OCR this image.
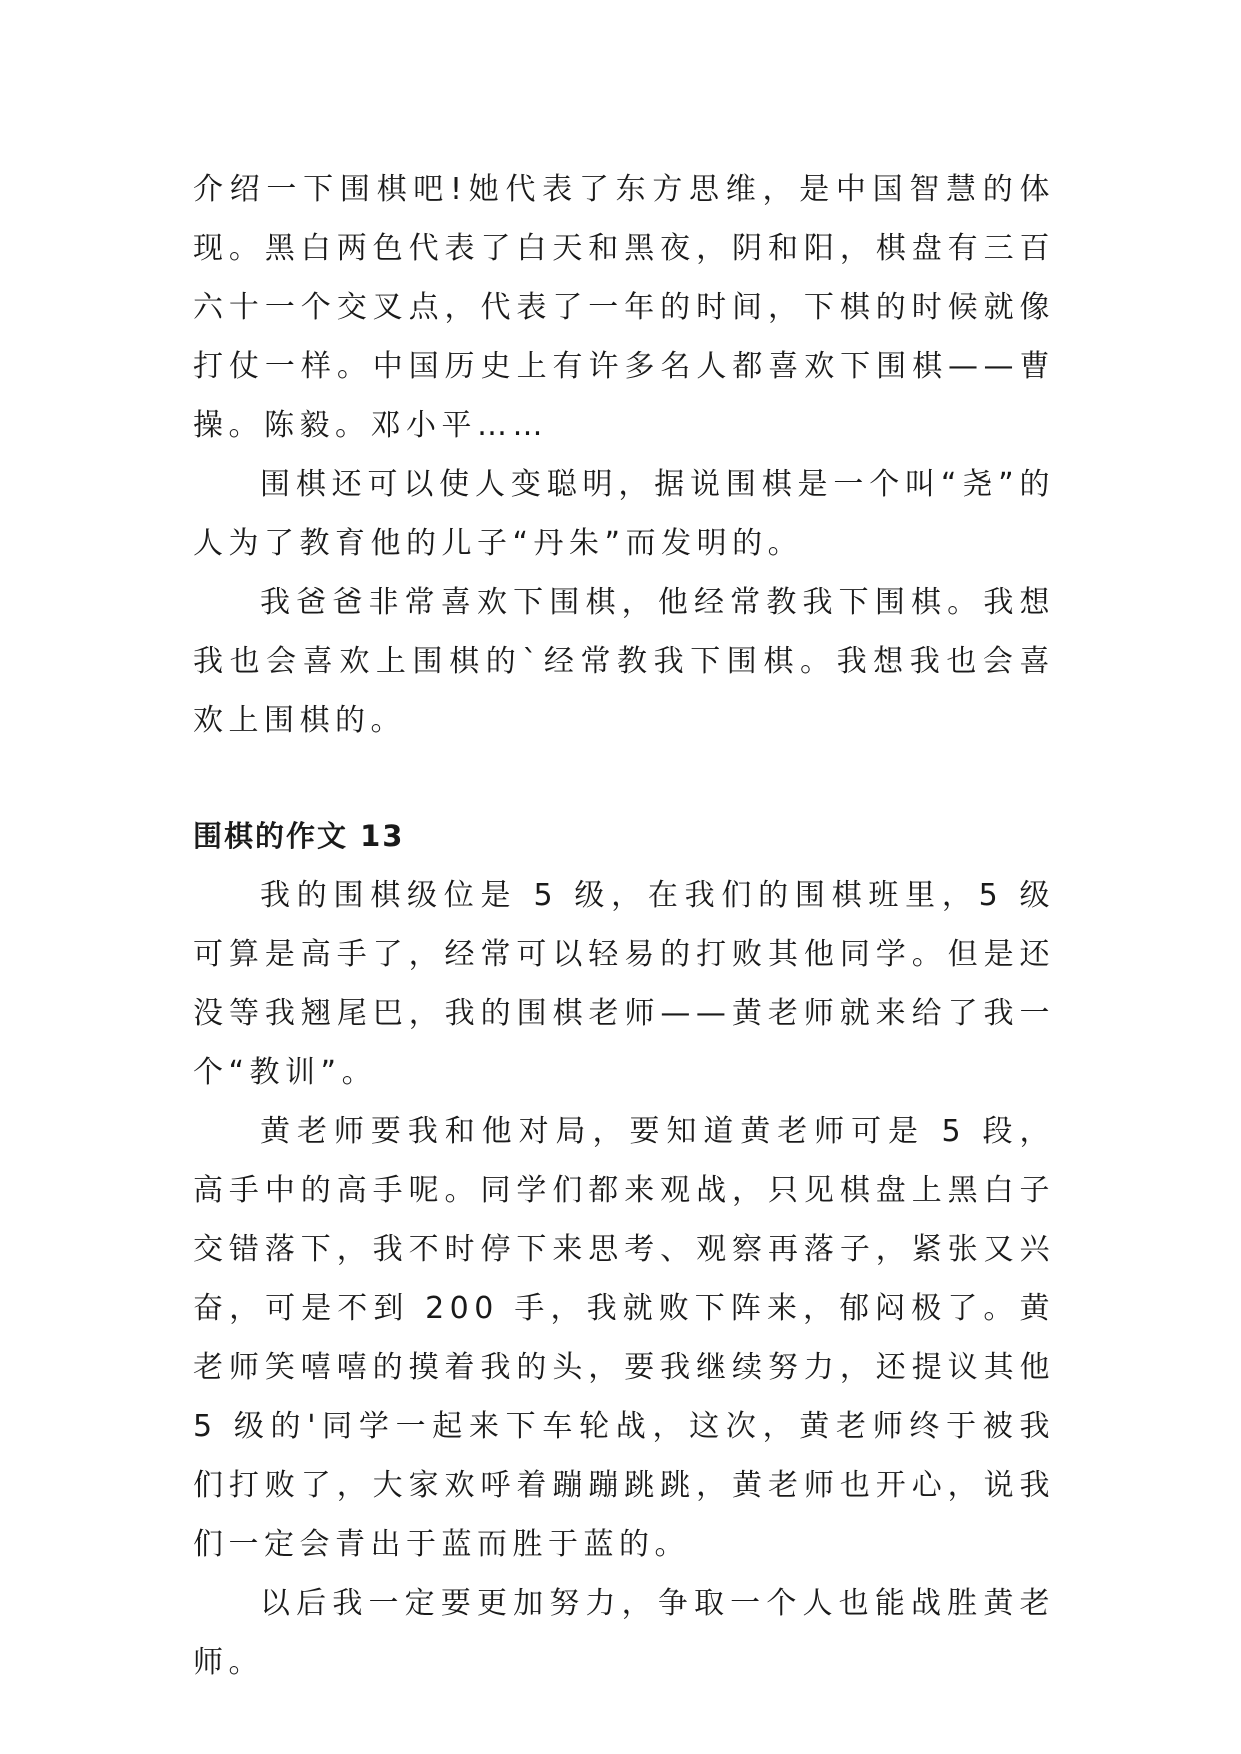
介绍一下围棋吧!她代表了东方思维，是中国智慧的体现。黑白两色代表了白天和黑夜，阴和阳，棋盘有三百六十一个交叉点，代表了一年的时间，下棋的时候就像打仗一样。中国历史上有许多名人都喜欢下围棋——曹操。陈毅。邓小平……

围棋还可以使人变聪明，据说围棋是一个叫“尧”的人为了教育他的儿子“丹朱”而发明的。

我爸爸非常喜欢下围棋，他经常教我下围棋。我想我也会喜欢上围棋的`经常教我下围棋。我想我也会喜欢上围棋的。

围棋的作文 13

我的围棋级位是 5 级，在我们的围棋班里，5 级可算是高手了，经常可以轻易的打败其他同学。但是还没等我翘尾巴，我的围棋老师——黄老师就来给了我一个“教训”。

黄老师要我和他对局，要知道黄老师可是 5 段，高手中的高手呢。同学们都来观战，只见棋盘上黑白子交错落下，我不时停下来思考、观察再落子，紧张又兴奋，可是不到 200 手，我就败下阵来，郁闷极了。黄老师笑嘻嘻的摸着我的头，要我继续努力，还提议其他 5 级的'同学一起来下车轮战，这次，黄老师终于被我们打败了，大家欢呼着蹦蹦跳跳，黄老师也开心，说我们一定会青出于蓝而胜于蓝的。

以后我一定要更加努力，争取一个人也能战胜黄老师。
